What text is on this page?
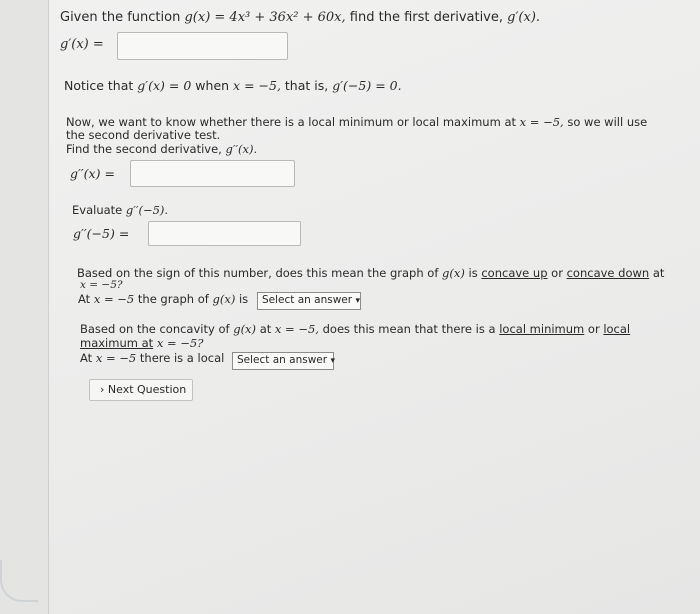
Given the function g(x) = 4x³ + 36x² + 60x, find the first derivative, g′(x).
g′(x) =
Notice that g′(x) = 0 when x = −5, that is, g′(−5) = 0.
Now, we want to know whether there is a local minimum or local maximum at x = −5, so we will use
the second derivative test.
Find the second derivative, g′′(x).
g′′(x) =
Evaluate g′′(−5).
g′′(−5) =
Based on the sign of this number, does this mean the graph of g(x) is concave up or concave down at
x = −5?
At x = −5 the graph of g(x) is	Select an answer ▾
Based on the concavity of g(x) at x = −5, does this mean that there is a local minimum or local
maximum at x = −5?
At x = −5 there is a local	Select an answer ▾
› Next Question
